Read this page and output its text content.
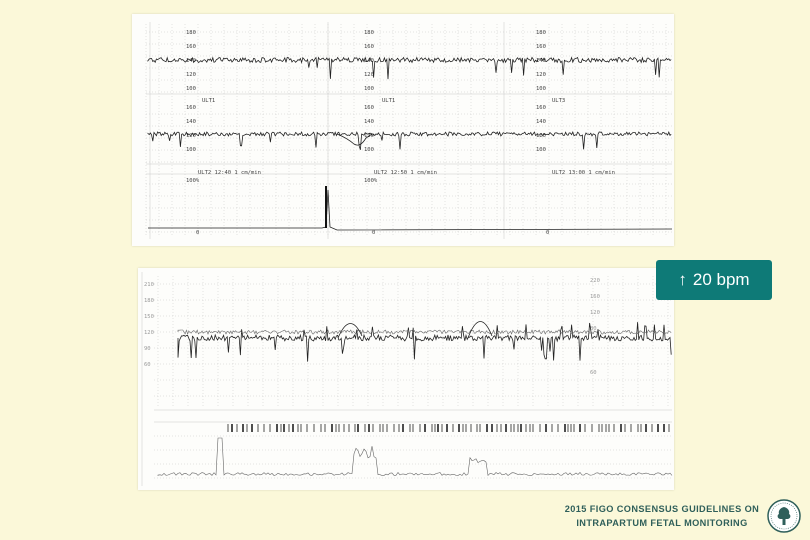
180
160
140
120
100
160
140
120
100
180
160
140
120
100
160
140
120
100
180
160
140
120
100
160
140
120
100
ULT1	ULT1	ULT3
ULT2 12:40 1 cm/min	ULT2 12:50 1 cm/min	ULT2 13:00 1 cm/min
100%	100%
0	0	0
210
180
150
120
90
60
220
160
120
80
60
↑ 20 bpm
2015 FIGO CONSENSUS GUIDELINES ON
INTRAPARTUM FETAL MONITORING
